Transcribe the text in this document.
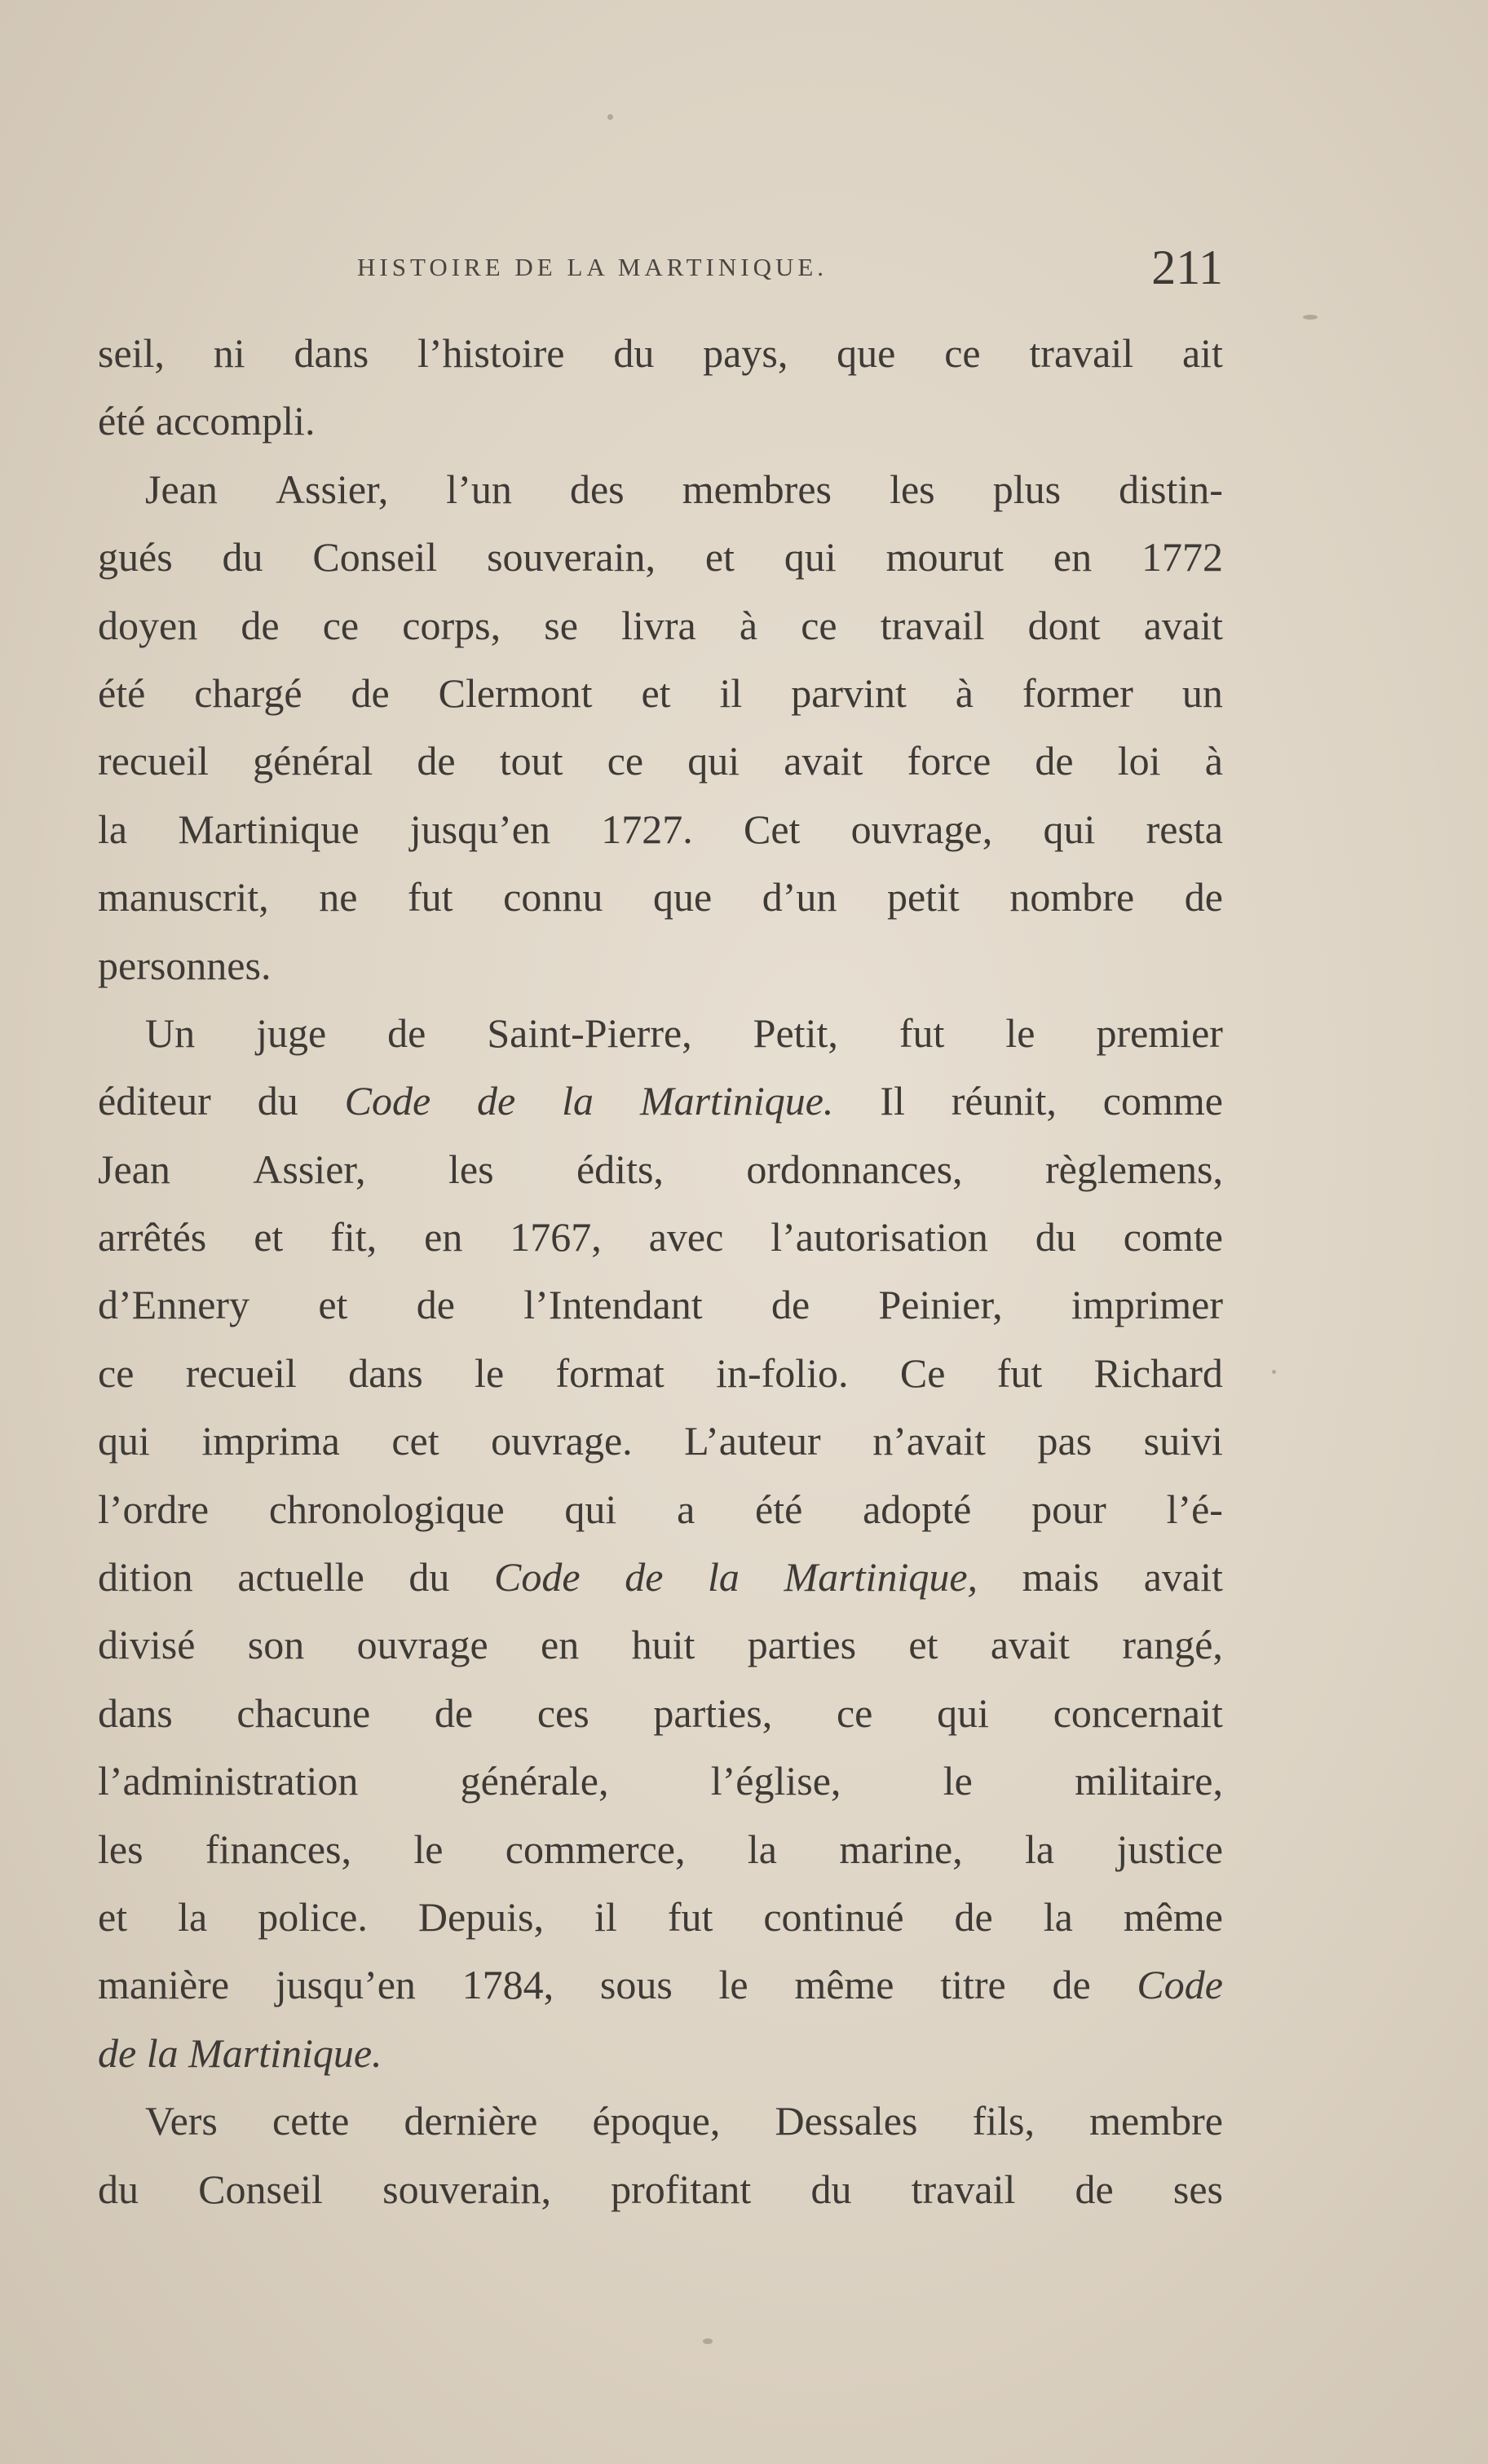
HISTOIRE DE LA MARTINIQUE.	211
seil, ni dans l’histoire du pays, que ce travail ait
été accompli.
Jean Assier, l’un des membres les plus distin-
gués du Conseil souverain, et qui mourut en 1772
doyen de ce corps, se livra à ce travail dont avait
été chargé de Clermont et il parvint à former un
recueil général de tout ce qui avait force de loi à
la Martinique jusqu’en 1727. Cet ouvrage, qui resta
manuscrit, ne fut connu que d’un petit nombre de
personnes.
Un juge de Saint-Pierre, Petit, fut le premier
éditeur du Code de la Martinique. Il réunit, comme
Jean Assier, les édits, ordonnances, règlemens,
arrêtés et fit, en 1767, avec l’autorisation du comte
d’Ennery et de l’Intendant de Peinier, imprimer
ce recueil dans le format in-folio. Ce fut Richard
qui imprima cet ouvrage. L’auteur n’avait pas suivi
l’ordre chronologique qui a été adopté pour l’é-
dition actuelle du Code de la Martinique, mais avait
divisé son ouvrage en huit parties et avait rangé,
dans chacune de ces parties, ce qui concernait
l’administration	générale,	l’église,	le	militaire,
les finances, le commerce, la marine, la justice
et la police. Depuis, il fut continué de la même
manière jusqu’en 1784, sous le même titre de Code
de la Martinique.
Vers cette dernière époque, Dessales fils, membre
du Conseil souverain, profitant du travail de ses
